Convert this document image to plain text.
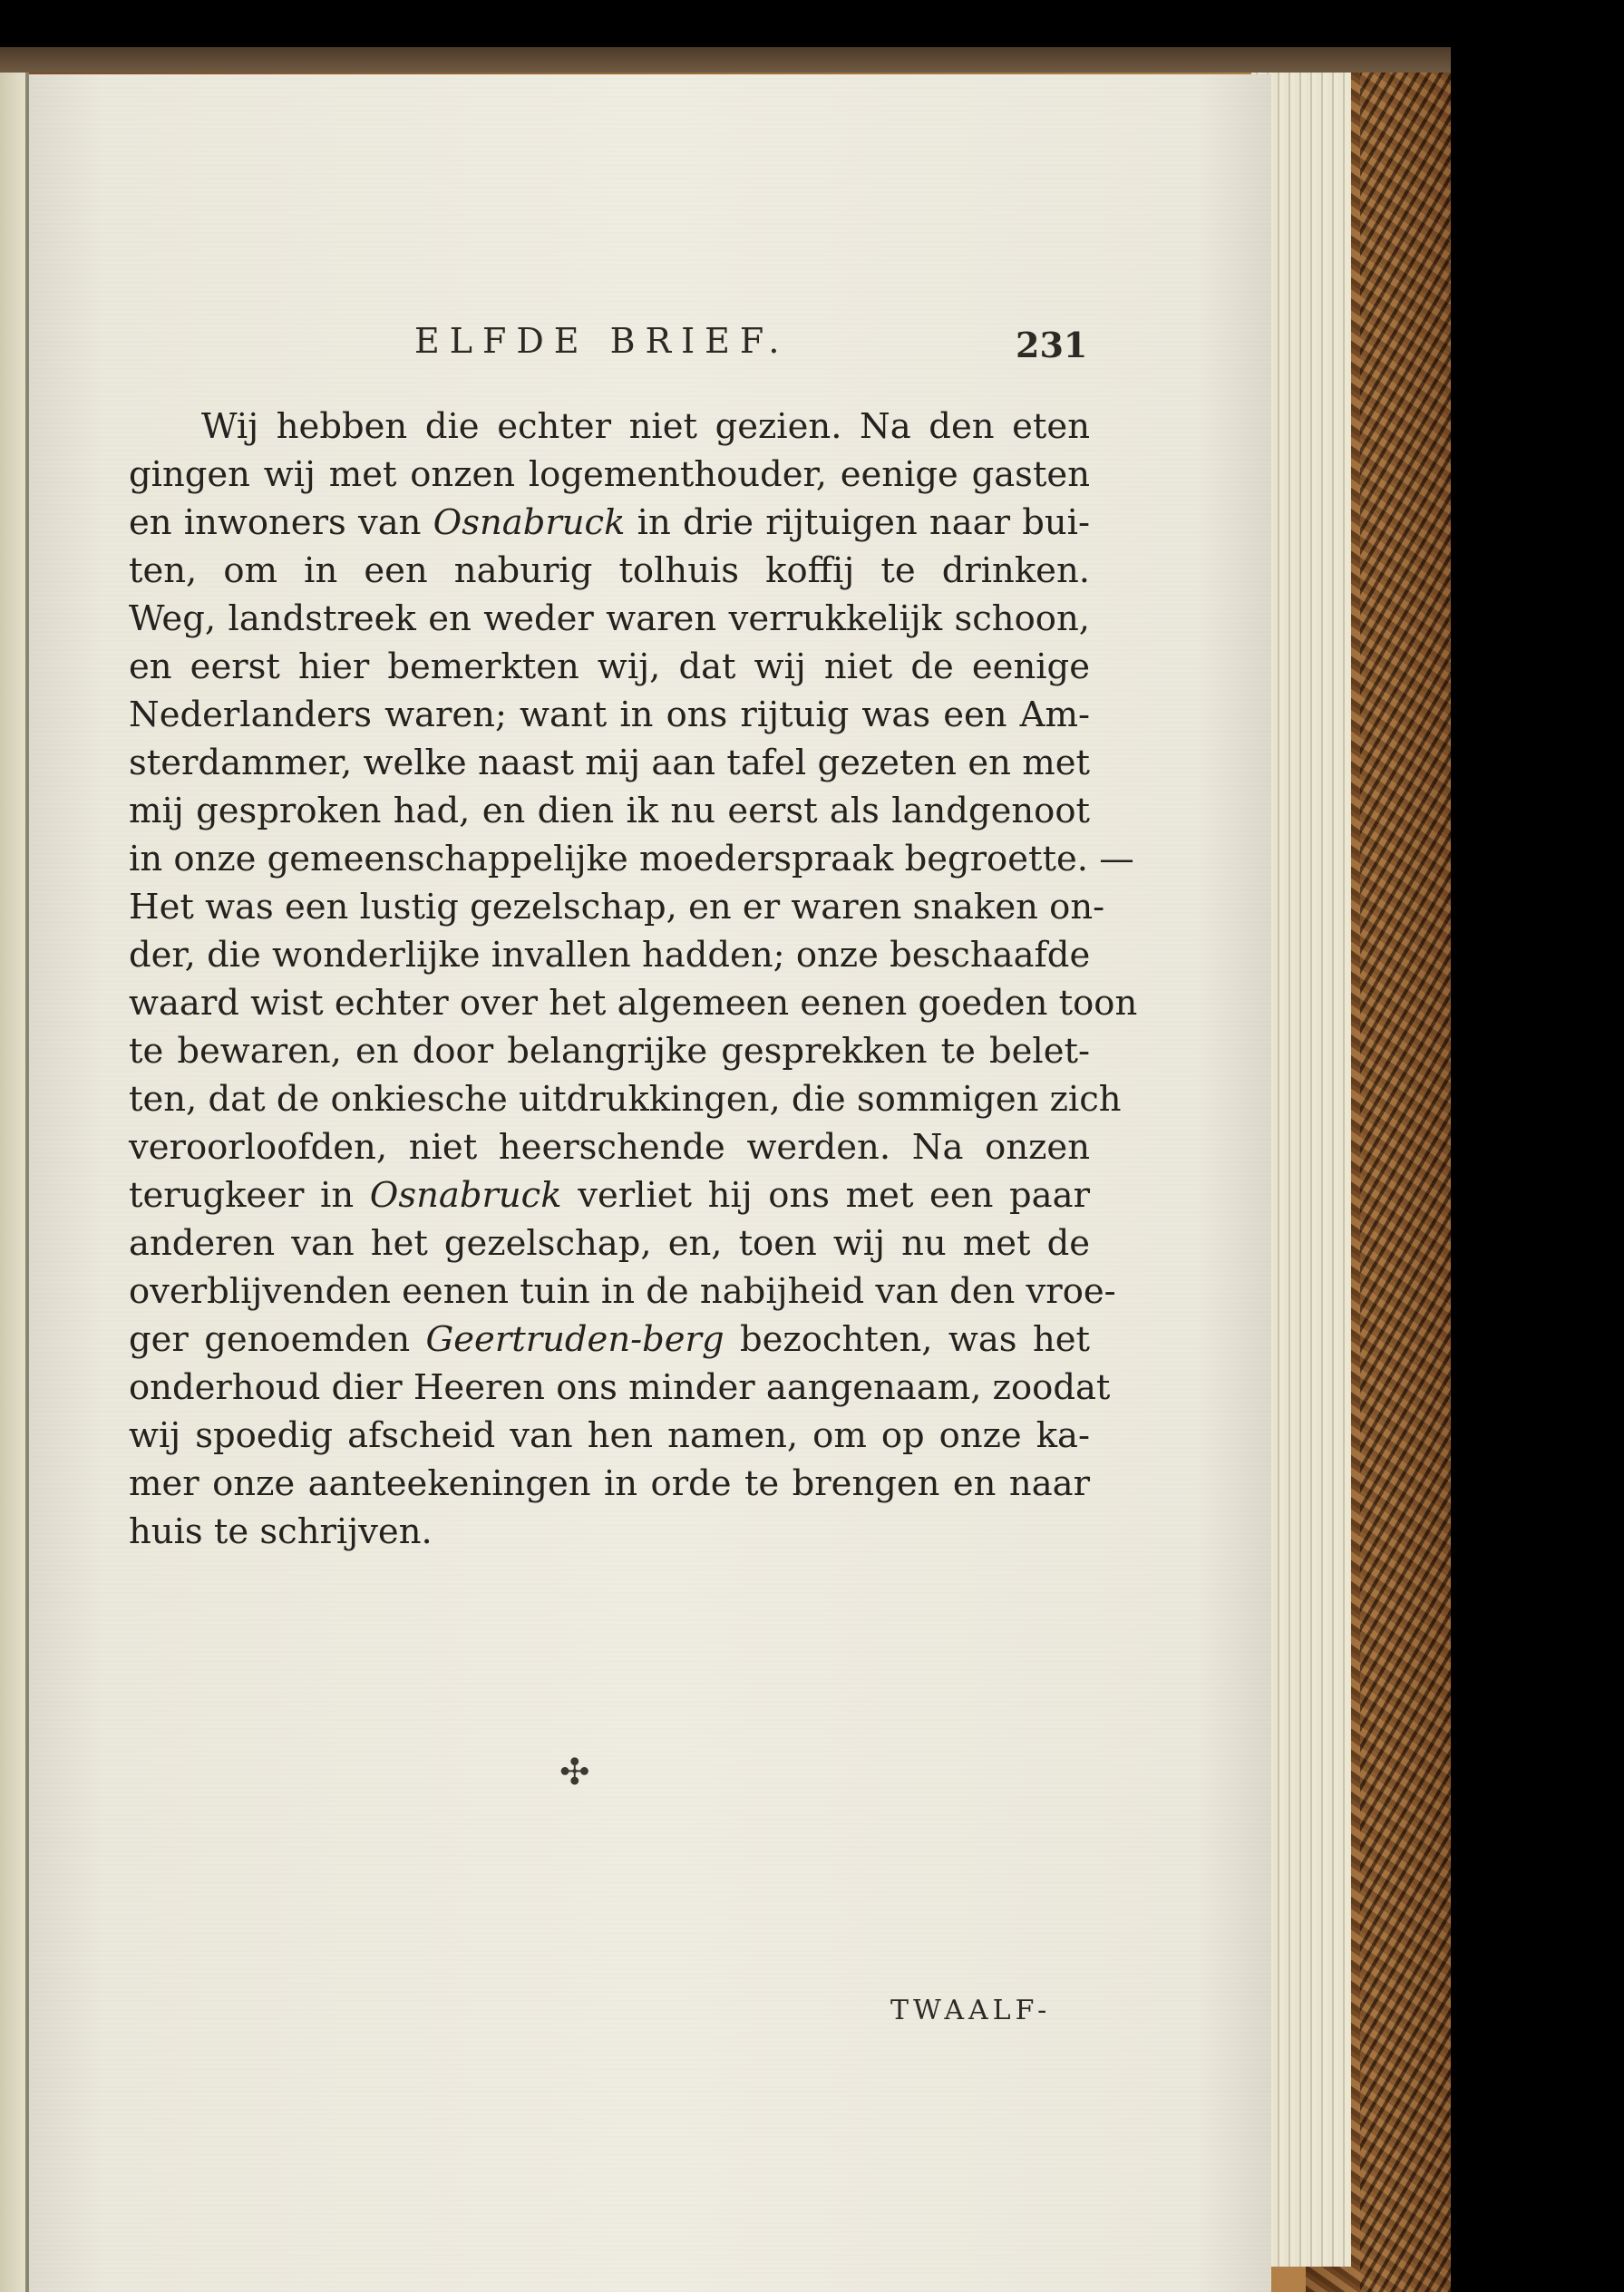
ELFDE BRIEF.	231
Wij hebben die echter niet gezien. Na den eten
gingen wij met onzen logementhouder, eenige gasten
en inwoners van Osnabruck in drie rijtuigen naar bui-
ten, om in een naburig tolhuis koffij te drinken.
Weg, landstreek en weder waren verrukkelijk schoon,
en eerst hier bemerkten wij, dat wij niet de eenige
Nederlanders waren; want in ons rijtuig was een Am-
sterdammer, welke naast mij aan tafel gezeten en met
mij gesproken had, en dien ik nu eerst als landgenoot
in onze gemeenschappelijke moederspraak begroette. —
Het was een lustig gezelschap, en er waren snaken on-
der, die wonderlijke invallen hadden; onze beschaafde
waard wist echter over het algemeen eenen goeden toon
te bewaren, en door belangrijke gesprekken te belet-
ten, dat de onkiesche uitdrukkingen, die sommigen zich
veroorloofden, niet heerschende werden. Na onzen
terugkeer in Osnabruck verliet hij ons met een paar
anderen van het gezelschap, en, toen wij nu met de
overblijvenden eenen tuin in de nabijheid van den vroe-
ger genoemden Geertruden-berg bezochten, was het
onderhoud dier Heeren ons minder aangenaam, zoodat
wij spoedig afscheid van hen namen, om op onze ka-
mer onze aanteekeningen in orde te brengen en naar
huis te schrijven.
✣
TWAALF-
